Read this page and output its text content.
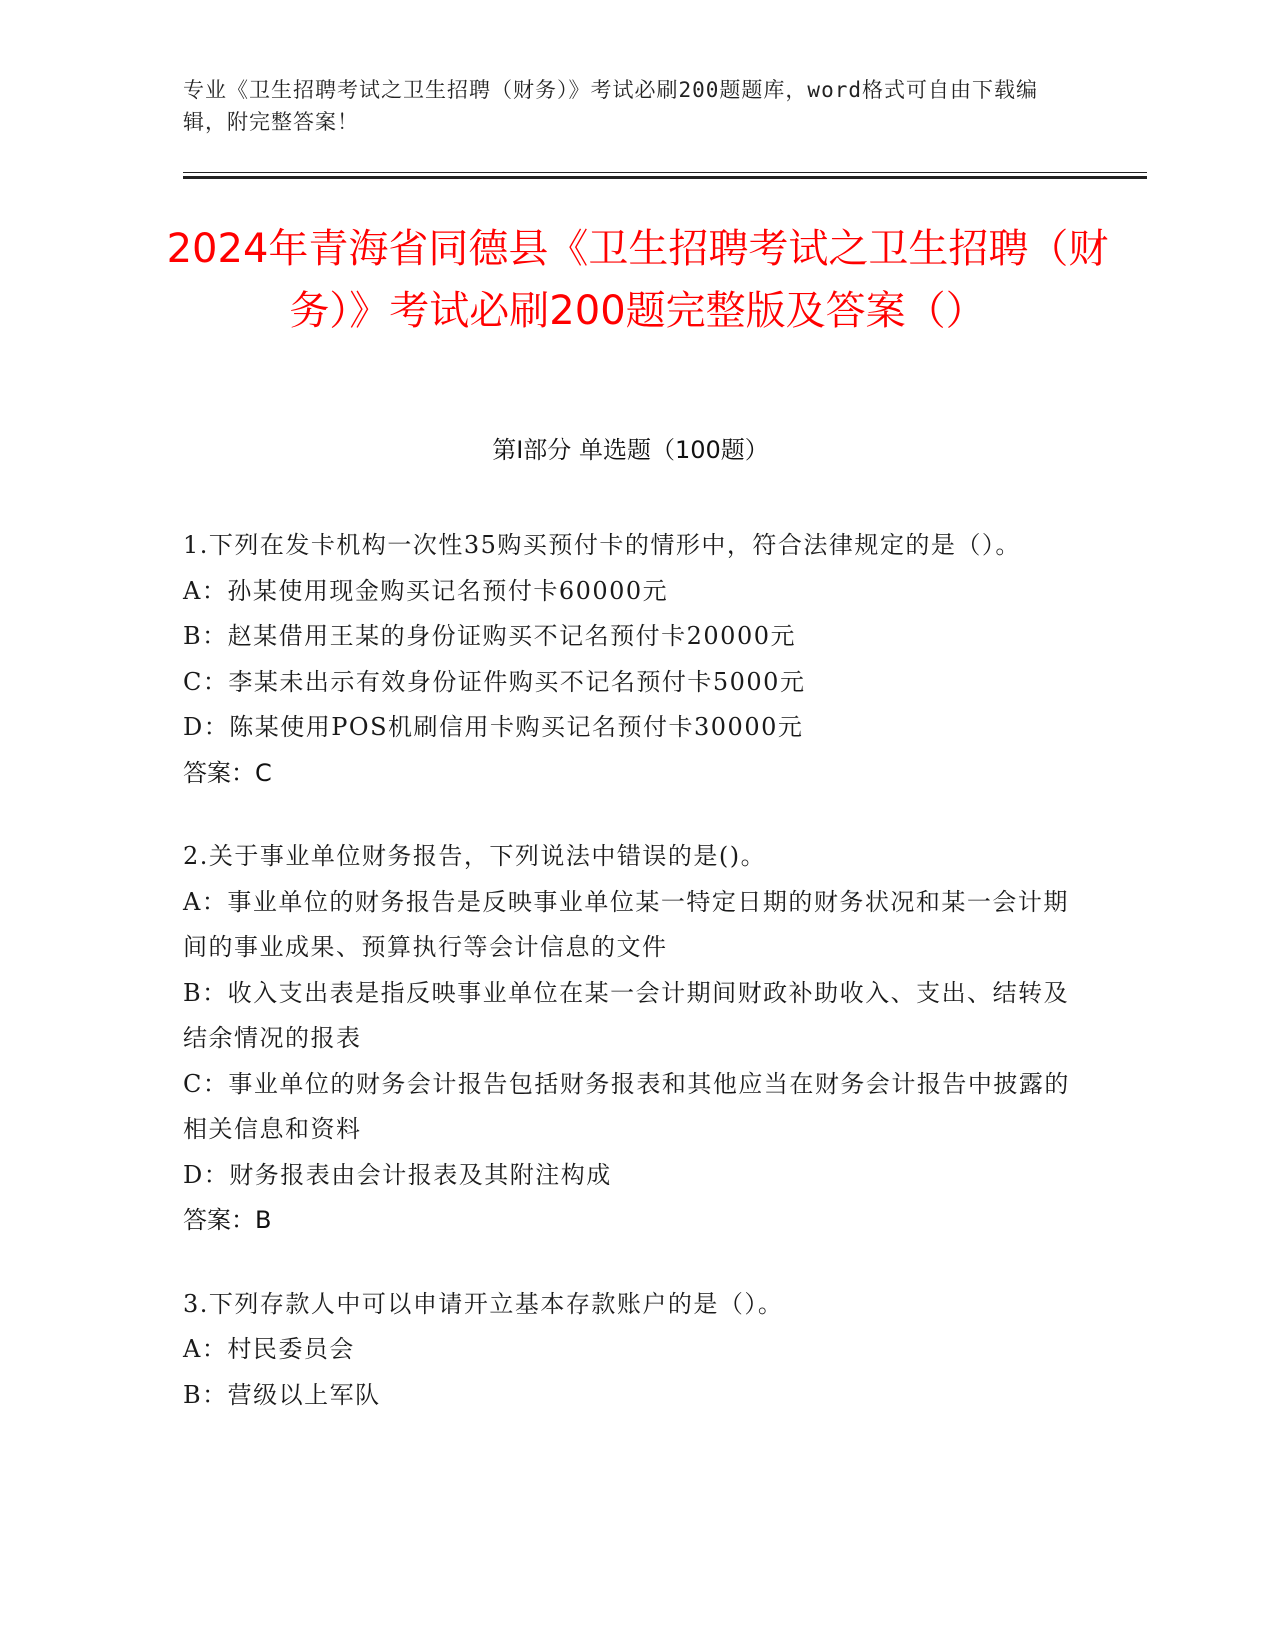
专业《卫生招聘考试之卫生招聘（财务）》考试必刷200题题库，word格式可自由下载编辑，附完整答案！
2024年青海省同德县《卫生招聘考试之卫生招聘（财务）》考试必刷200题完整版及答案（）
第Ⅰ部分 单选题（100题）

1.下列在发卡机构一次性35购买预付卡的情形中，符合法律规定的是（）。

A：孙某使用现金购买记名预付卡60000元

B：赵某借用王某的身份证购买不记名预付卡20000元

C：李某未出示有效身份证件购买不记名预付卡5000元

D：陈某使用POS机刷信用卡购买记名预付卡30000元

答案：C

2.关于事业单位财务报告，下列说法中错误的是()。

A：事业单位的财务报告是反映事业单位某一特定日期的财务状况和某一会计期间的事业成果、预算执行等会计信息的文件

B：收入支出表是指反映事业单位在某一会计期间财政补助收入、支出、结转及结余情况的报表

C：事业单位的财务会计报告包括财务报表和其他应当在财务会计报告中披露的相关信息和资料

D：财务报表由会计报表及其附注构成

答案：B

3.下列存款人中可以申请开立基本存款账户的是（）。

A：村民委员会

B：营级以上军队
